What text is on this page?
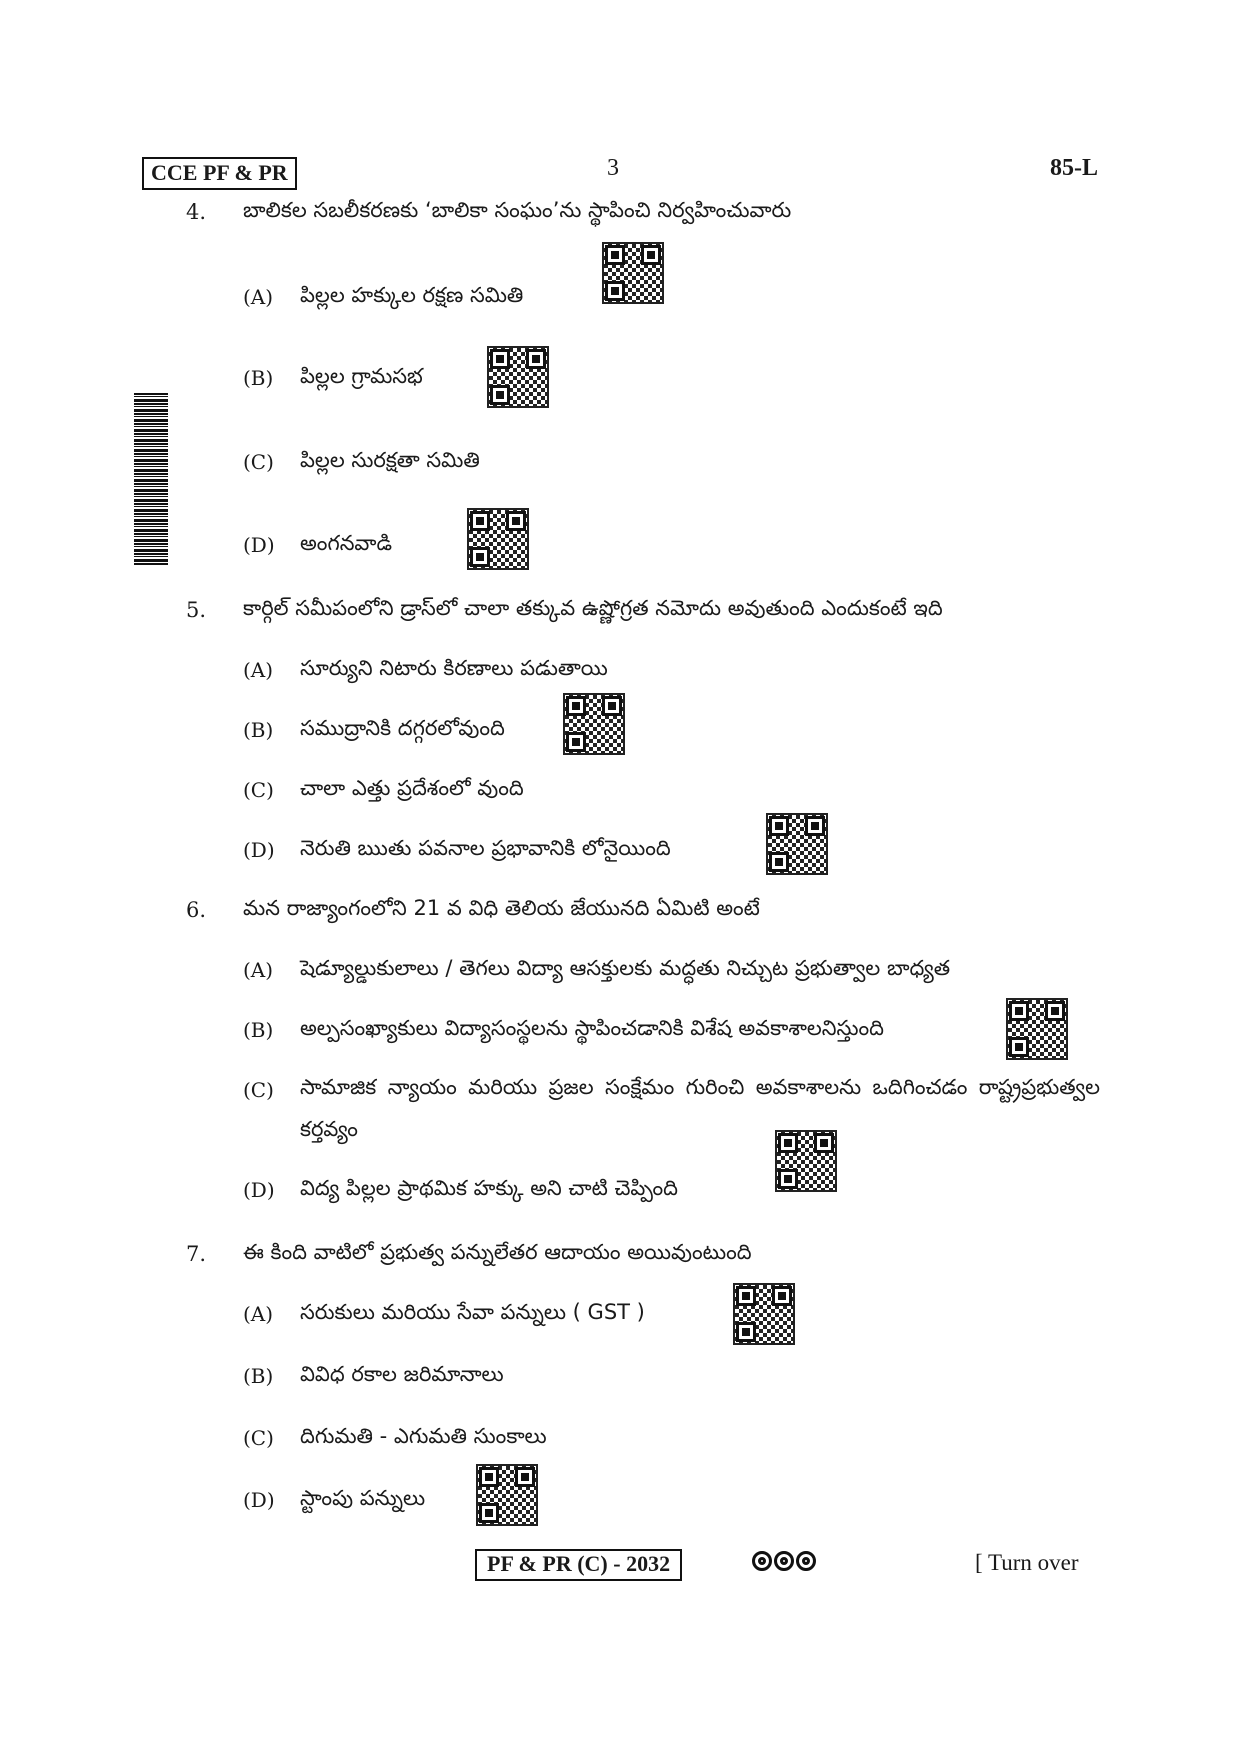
CCE PF & PR	3	85-L
4. బాలికల సబలీకరణకు ‘బాలికా సంఘం’ను స్థాపించి నిర్వహించువారు
(A) పిల్లల హక్కుల రక్షణ సమితి
(B) పిల్లల గ్రామసభ
(C) పిల్లల సురక్షతా సమితి
(D) అంగనవాడి
5. కార్గిల్ సమీపంలోని డ్రాస్‌లో చాలా తక్కువ ఉష్ణోగ్రత నమోదు అవుతుంది ఎందుకంటే ఇది
(A) సూర్యుని నిటారు కిరణాలు పడుతాయి
(B) సముద్రానికి దగ్గరలోవుంది
(C) చాలా ఎత్తు ప్రదేశంలో వుంది
(D) నెరుతి ఋతు పవనాల ప్రభావానికి లోనైయింది
6. మన రాజ్యాంగంలోని 21 వ విధి తెలియ జేయునది ఏమిటి అంటే
(A) షెడ్యూల్డుకులాలు / తెగలు విద్యా ఆసక్తులకు మద్ధతు నిచ్చుట ప్రభుత్వాల బాధ్యత
(B) అల్పసంఖ్యాకులు విద్యాసంస్థలను స్థాపించడానికి విశేష అవకాశాలనిస్తుంది
(C) సామాజిక న్యాయం మరియు ప్రజల సంక్షేమం గురించి అవకాశాలను ఒదిగించడం రాష్ట్రప్రభుత్వల కర్తవ్యం
(D) విద్య పిల్లల ప్రాథమిక హక్కు అని చాటి చెప్పింది
7. ఈ కింది వాటిలో ప్రభుత్వ పన్నులేతర ఆదాయం అయివుంటుంది
(A) సరుకులు మరియు సేవా పన్నులు ( GST )
(B) వివిధ రకాల జరిమానాలు
(C) దిగుమతి - ఎగుమతి సుంకాలు
(D) స్టాంపు పన్నులు
PF & PR (C) - 2032	[ Turn over
